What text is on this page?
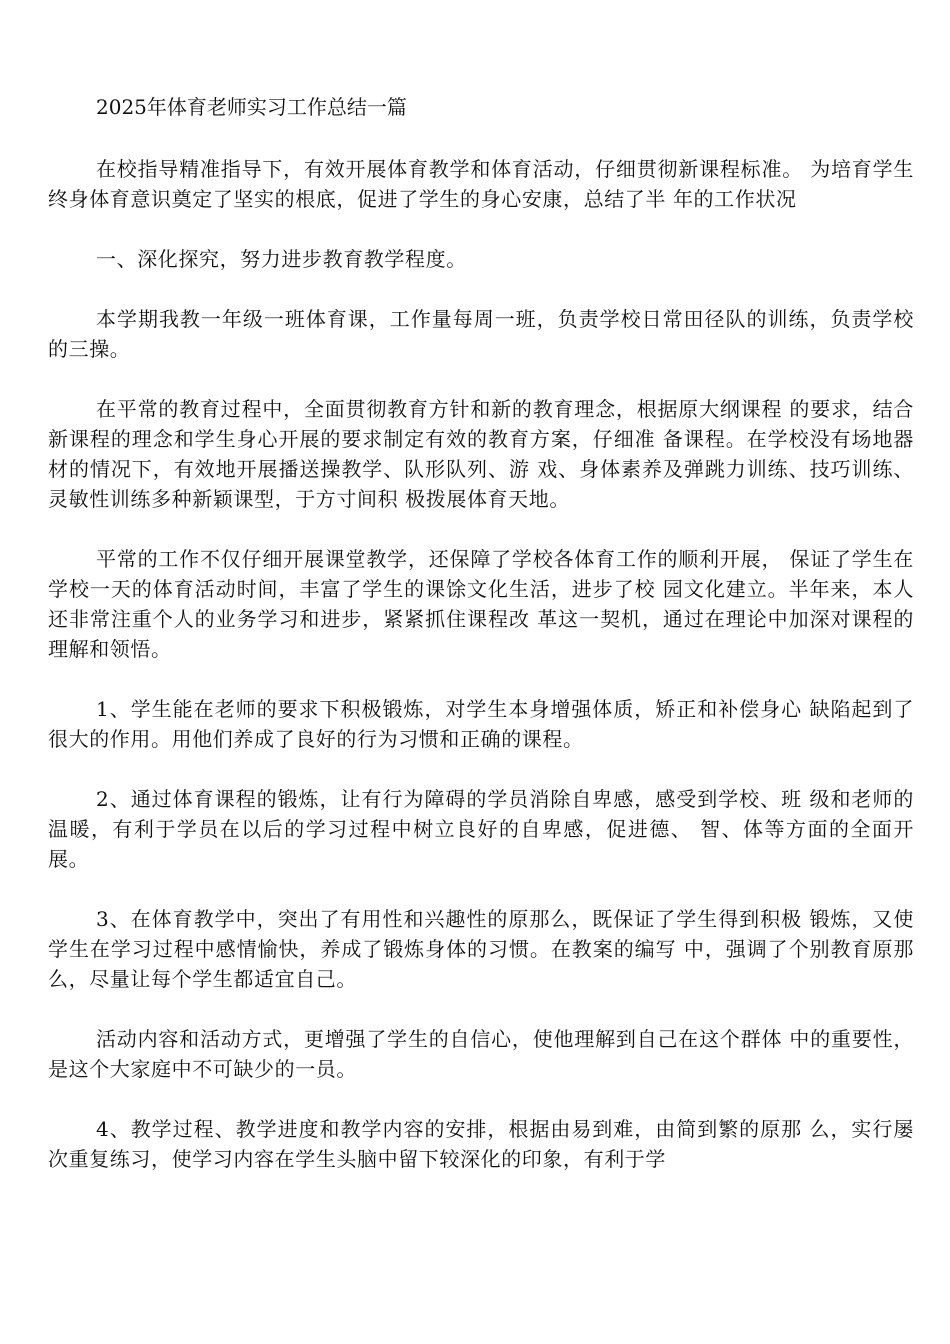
2025年体育老师实习工作总结一篇

在校指导精准指导下，有效开展体育教学和体育活动，仔细贯彻新课程标准。 为培育学生终身体育意识奠定了坚实的根底，促进了学生的身心安康，总结了半 年的工作状况

一、深化探究，努力进步教育教学程度。

本学期我教一年级一班体育课，工作量每周一班，负责学校日常田径队的训练，负责学校的三操。

在平常的教育过程中，全面贯彻教育方针和新的教育理念，根据原大纲课程 的要求，结合新课程的理念和学生身心开展的要求制定有效的教育方案，仔细准 备课程。在学校没有场地器材的情况下，有效地开展播送操教学、队形队列、游 戏、身体素养及弹跳力训练、技巧训练、灵敏性训练多种新颖课型，于方寸间积 极拨展体育天地。

平常的工作不仅仔细开展课堂教学，还保障了学校各体育工作的顺利开展， 保证了学生在学校一天的体育活动时间，丰富了学生的课馀文化生活，进步了校 园文化建立。半年来，本人还非常注重个人的业务学习和进步，紧紧抓住课程改 革这一契机，通过在理论中加深对课程的理解和领悟。

1、学生能在老师的要求下积极锻炼，对学生本身增强体质，矫正和补偿身心 缺陷起到了很大的作用。用他们养成了良好的行为习惯和正确的课程。

2、通过体育课程的锻炼，让有行为障碍的学员消除自卑感，感受到学校、班 级和老师的温暖，有利于学员在以后的学习过程中树立良好的自卑感，促进德、 智、体等方面的全面开展。

3、在体育教学中，突出了有用性和兴趣性的原那么，既保证了学生得到积极 锻炼，又使学生在学习过程中感情愉快，养成了锻炼身体的习惯。在教案的编写 中，强调了个别教育原那么，尽量让每个学生都适宜自己。

活动内容和活动方式，更增强了学生的自信心，使他理解到自己在这个群体 中的重要性，是这个大家庭中不可缺少的一员。

4、教学过程、教学进度和教学内容的安排，根据由易到难，由简到繁的原那 么，实行屡次重复练习，使学习内容在学生头脑中留下较深化的印象，有利于学
